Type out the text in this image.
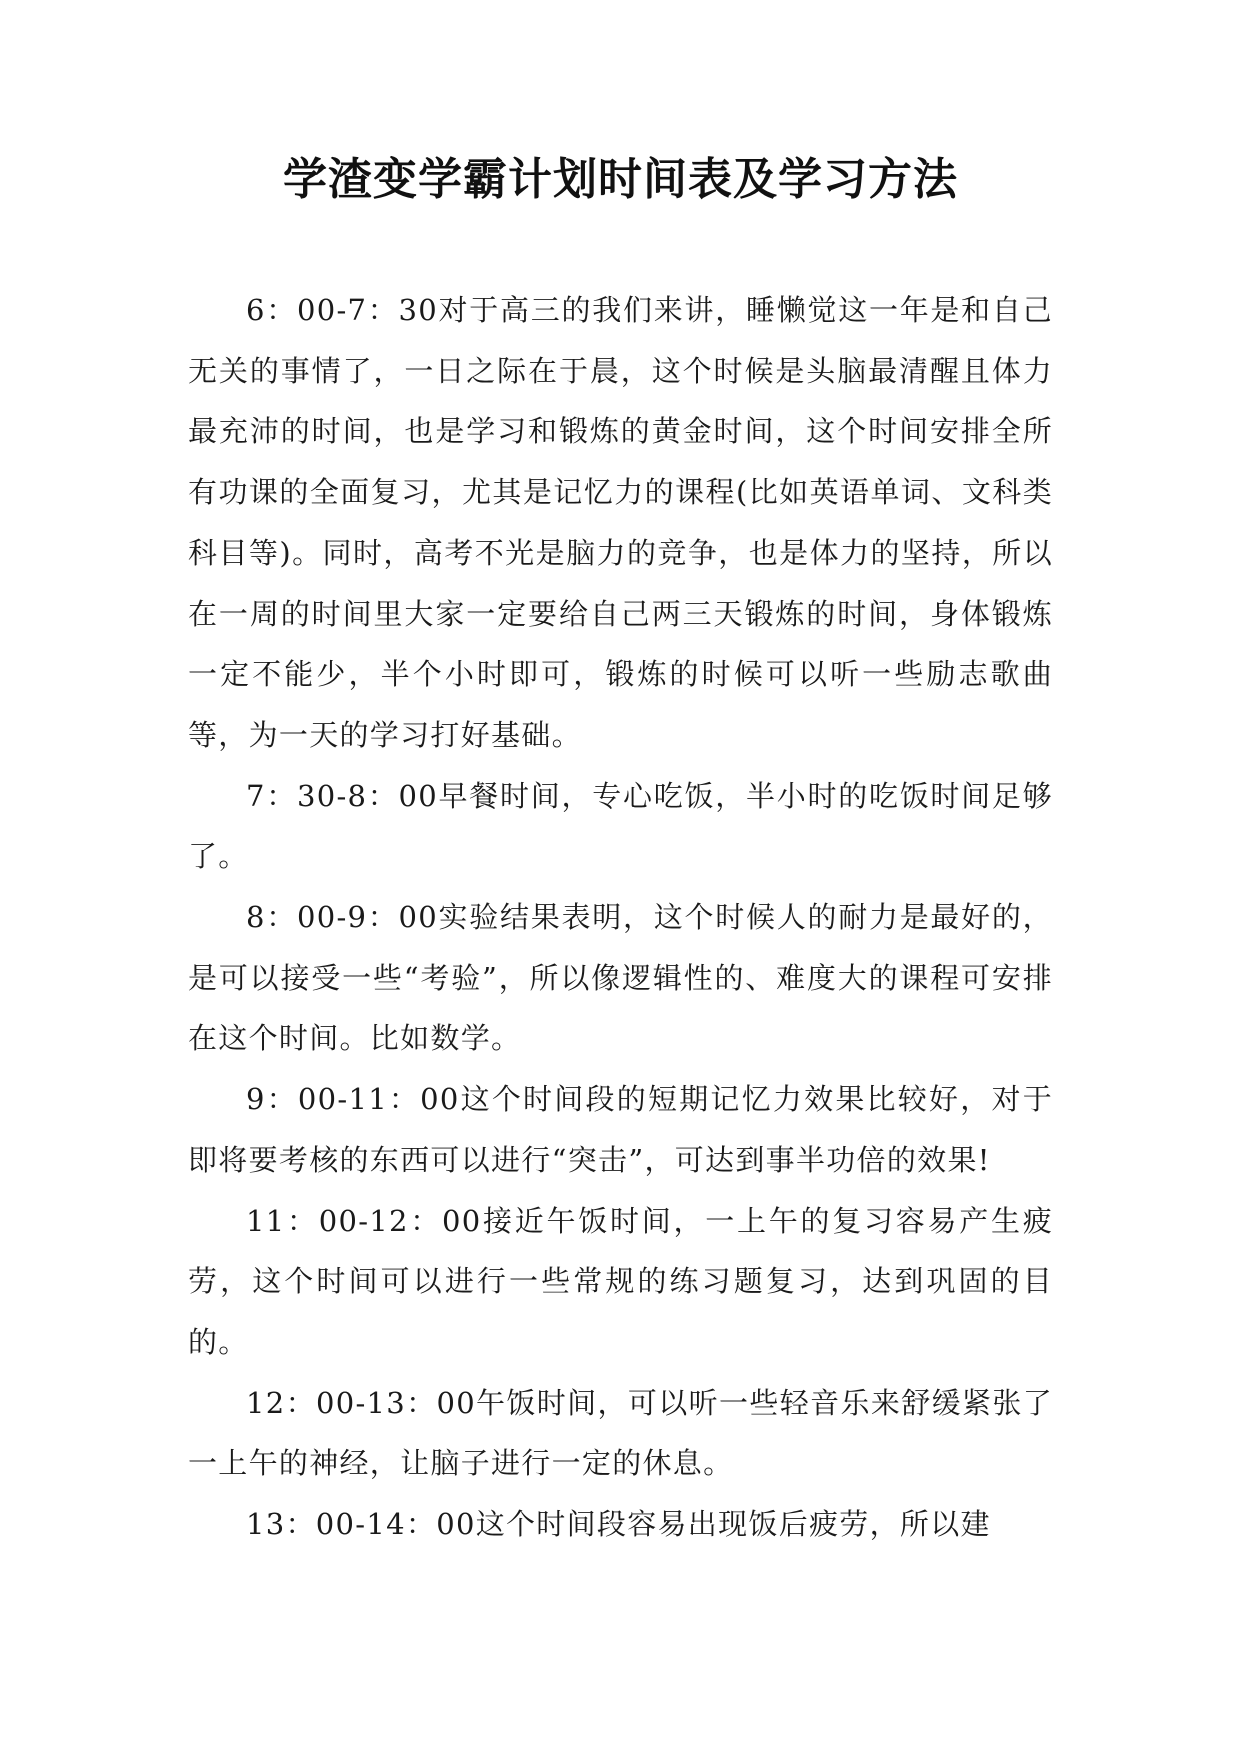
学渣变学霸计划时间表及学习方法

6：00-7：30对于高三的我们来讲，睡懒觉这一年是和自己无关的事情了，一日之际在于晨，这个时候是头脑最清醒且体力最充沛的时间，也是学习和锻炼的黄金时间，这个时间安排全所有功课的全面复习，尤其是记忆力的课程(比如英语单词、文科类科目等)。同时，高考不光是脑力的竞争，也是体力的坚持，所以在一周的时间里大家一定要给自己两三天锻炼的时间，身体锻炼一定不能少，半个小时即可，锻炼的时候可以听一些励志歌曲等，为一天的学习打好基础。

7：30-8：00早餐时间，专心吃饭，半小时的吃饭时间足够了。

8：00-9：00实验结果表明，这个时候人的耐力是最好的，是可以接受一些“考验”，所以像逻辑性的、难度大的课程可安排在这个时间。比如数学。

9：00-11：00这个时间段的短期记忆力效果比较好，对于即将要考核的东西可以进行“突击”，可达到事半功倍的效果!

11：00-12：00接近午饭时间，一上午的复习容易产生疲劳，这个时间可以进行一些常规的练习题复习，达到巩固的目的。

12：00-13：00午饭时间，可以听一些轻音乐来舒缓紧张了一上午的神经，让脑子进行一定的休息。

13：00-14：00这个时间段容易出现饭后疲劳，所以建
